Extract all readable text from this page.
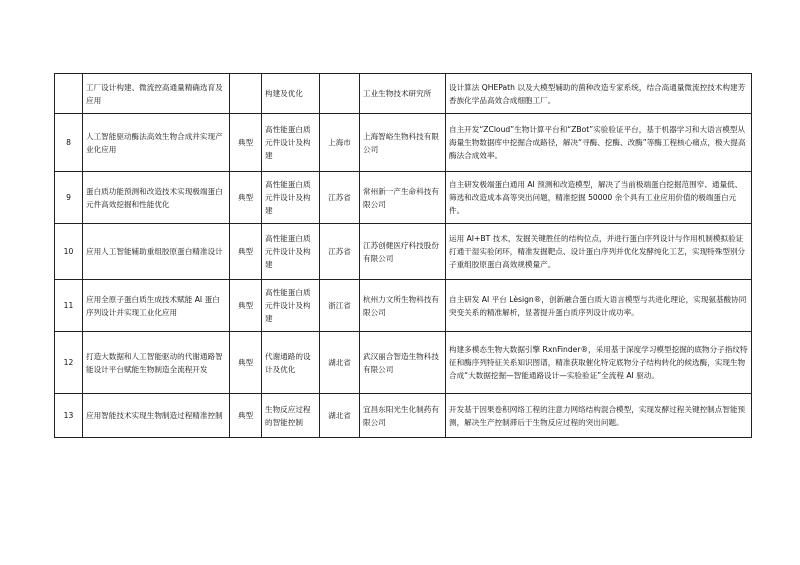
	工厂设计构建、微流控高通量精确选育及应用		构建及优化		工业生物技术研究所	设计算法 QHEPath 以及大模型辅助的菌种改造专家系统，结合高通量微流控技术构建芳香族化学品高效合成细胞工厂。
8	人工智能驱动酶法高效生物合成并实现产业化应用	典型	高性能蛋白质元件设计及构建	上海市	上海智峪生物科技有限公司	自主开发“ZCloud”生物计算平台和“ZBot”实验验证平台，基于机器学习和大语言模型从海量生物数据库中挖掘合成路径，解决“寻酶、挖酶、改酶”等酶工程核心痛点，极大提高酶法合成效率。
9	蛋白质功能预测和改造技术实现极端蛋白元件高效挖掘和性能优化	典型	高性能蛋白质元件设计及构建	江苏省	常州新一产生命科技有限公司	自主研发极端蛋白通用 AI 预测和改造模型，解决了当前极端蛋白挖掘范围窄、通量低、筛选和改造成本高等突出问题，精准挖掘 50000 余个具有工业应用价值的极端蛋白元件。
10	应用人工智能辅助重组胶原蛋白精准设计	典型	高性能蛋白质元件设计及构建	江苏省	江苏创健医疗科技股份有限公司	运用 AI+BT 技术，发掘关键胜任的结构位点，并进行蛋白序列设计与作用机制模拟验证打通干湿实验闭环，精准发掘靶点、设计蛋白序列并优化发酵纯化工艺，实现特殊型别分子重组胶原蛋白高效规模量产。
11	应用全原子蛋白质生成技术赋能 AI 蛋白序列设计并实现工业化应用	典型	高性能蛋白质元件设计及构建	浙江省	杭州力文所生物科技有限公司	自主研发 AI 平台 Lèsign®，创新融合蛋白质大语言模型与共进化理论，实现氨基酸协同突变关系的精准解析，显著提升蛋白质序列设计成功率。
12	打造大数据和人工智能驱动的代谢通路智能设计平台赋能生物制造全流程开发	典型	代谢通路的设计及优化	湖北省	武汉丽合智造生物科技有限公司	构建多模态生物大数据引擎 RxnFinder®，采用基于深度学习模型挖掘的底物分子指纹特征和酶序列特征关系知识图谱，精准获取催化特定底物分子结构转化的候选酶，实现生物合成“大数据挖掘—智能通路设计—实验验证”全流程 AI 驱动。
13	应用智能技术实现生物制造过程精准控制	典型	生物反应过程的智能控制	湖北省	宜昌东阳光生化制药有限公司	开发基于因果卷积网络工程的注意力网络结构混合模型，实现发酵过程关键控制点智能预测，解决生产控制滞后于生物反应过程的突出问题。
